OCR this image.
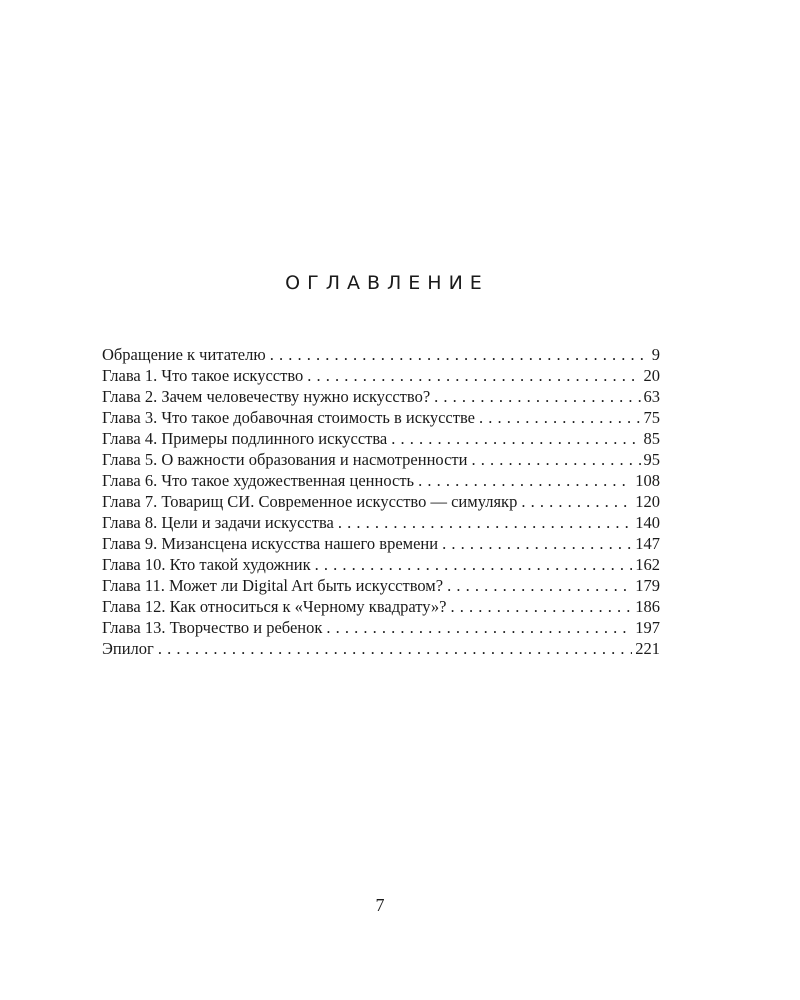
ОГЛАВЛЕНИЕ
Обращение к читателю . . .	9
Глава 1. Что такое искусство . . .	20
Глава 2. Зачем человечеству нужно искусство? . . .	63
Глава 3. Что такое добавочная стоимость в искусстве . . .	75
Глава 4. Примеры подлинного искусства . . .	85
Глава 5. О важности образования и насмотренности . . .	95
Глава 6. Что такое художественная ценность . . .	108
Глава 7. Товарищ СИ. Современное искусство — симулякр . . .	120
Глава 8. Цели и задачи искусства . . .	140
Глава 9. Мизансцена искусства нашего времени . . .	147
Глава 10. Кто такой художник . . .	162
Глава 11. Может ли Digital Art быть искусством? . . .	179
Глава 12. Как относиться к «Черному квадрату»? . . .	186
Глава 13. Творчество и ребенок . . .	197
Эпилог . . .	221
7
